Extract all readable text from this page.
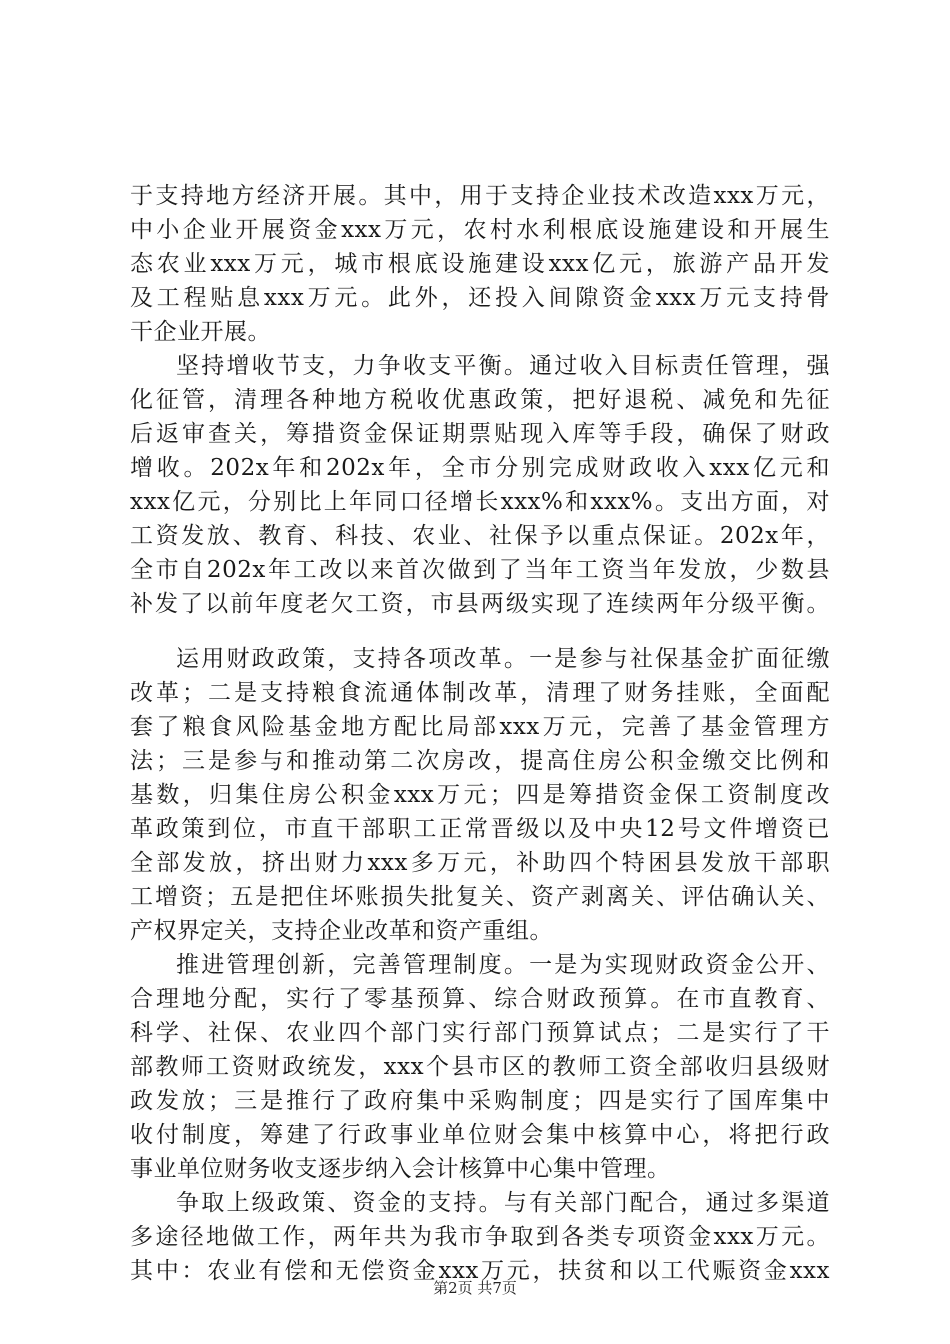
于支持地方经济开展。其中，用于支持企业技术改造xxx万元，
中小企业开展资金xxx万元，农村水利根底设施建设和开展生
态农业xxx万元，城市根底设施建设xxx亿元，旅游产品开发
及工程贴息xxx万元。此外，还投入间隙资金xxx万元支持骨
干企业开展。
坚持增收节支，力争收支平衡。通过收入目标责任管理，强
化征管，清理各种地方税收优惠政策，把好退税、减免和先征
后返审查关，筹措资金保证期票贴现入库等手段，确保了财政
增收。202x年和202x年，全市分别完成财政收入xxx亿元和
xxx亿元，分别比上年同口径增长xxx%和xxx%。支出方面，对
工资发放、教育、科技、农业、社保予以重点保证。202x年，
全市自202x年工改以来首次做到了当年工资当年发放，少数县
补发了以前年度老欠工资，市县两级实现了连续两年分级平衡。
运用财政政策，支持各项改革。一是参与社保基金扩面征缴
改革；二是支持粮食流通体制改革，清理了财务挂账，全面配
套了粮食风险基金地方配比局部xxx万元，完善了基金管理方
法；三是参与和推动第二次房改，提高住房公积金缴交比例和
基数，归集住房公积金xxx万元；四是筹措资金保工资制度改
革政策到位，市直干部职工正常晋级以及中央12号文件增资已
全部发放，挤出财力xxx多万元，补助四个特困县发放干部职
工增资；五是把住坏账损失批复关、资产剥离关、评估确认关、
产权界定关，支持企业改革和资产重组。
推进管理创新，完善管理制度。一是为实现财政资金公开、
合理地分配，实行了零基预算、综合财政预算。在市直教育、
科学、社保、农业四个部门实行部门预算试点；二是实行了干
部教师工资财政统发，xxx个县市区的教师工资全部收归县级财
政发放；三是推行了政府集中采购制度；四是实行了国库集中
收付制度，筹建了行政事业单位财会集中核算中心，将把行政
事业单位财务收支逐步纳入会计核算中心集中管理。
争取上级政策、资金的支持。与有关部门配合，通过多渠道
多途径地做工作，两年共为我市争取到各类专项资金xxx万元。
其中：农业有偿和无偿资金xxx万元，扶贫和以工代赈资金xxx
第2页 共7页
